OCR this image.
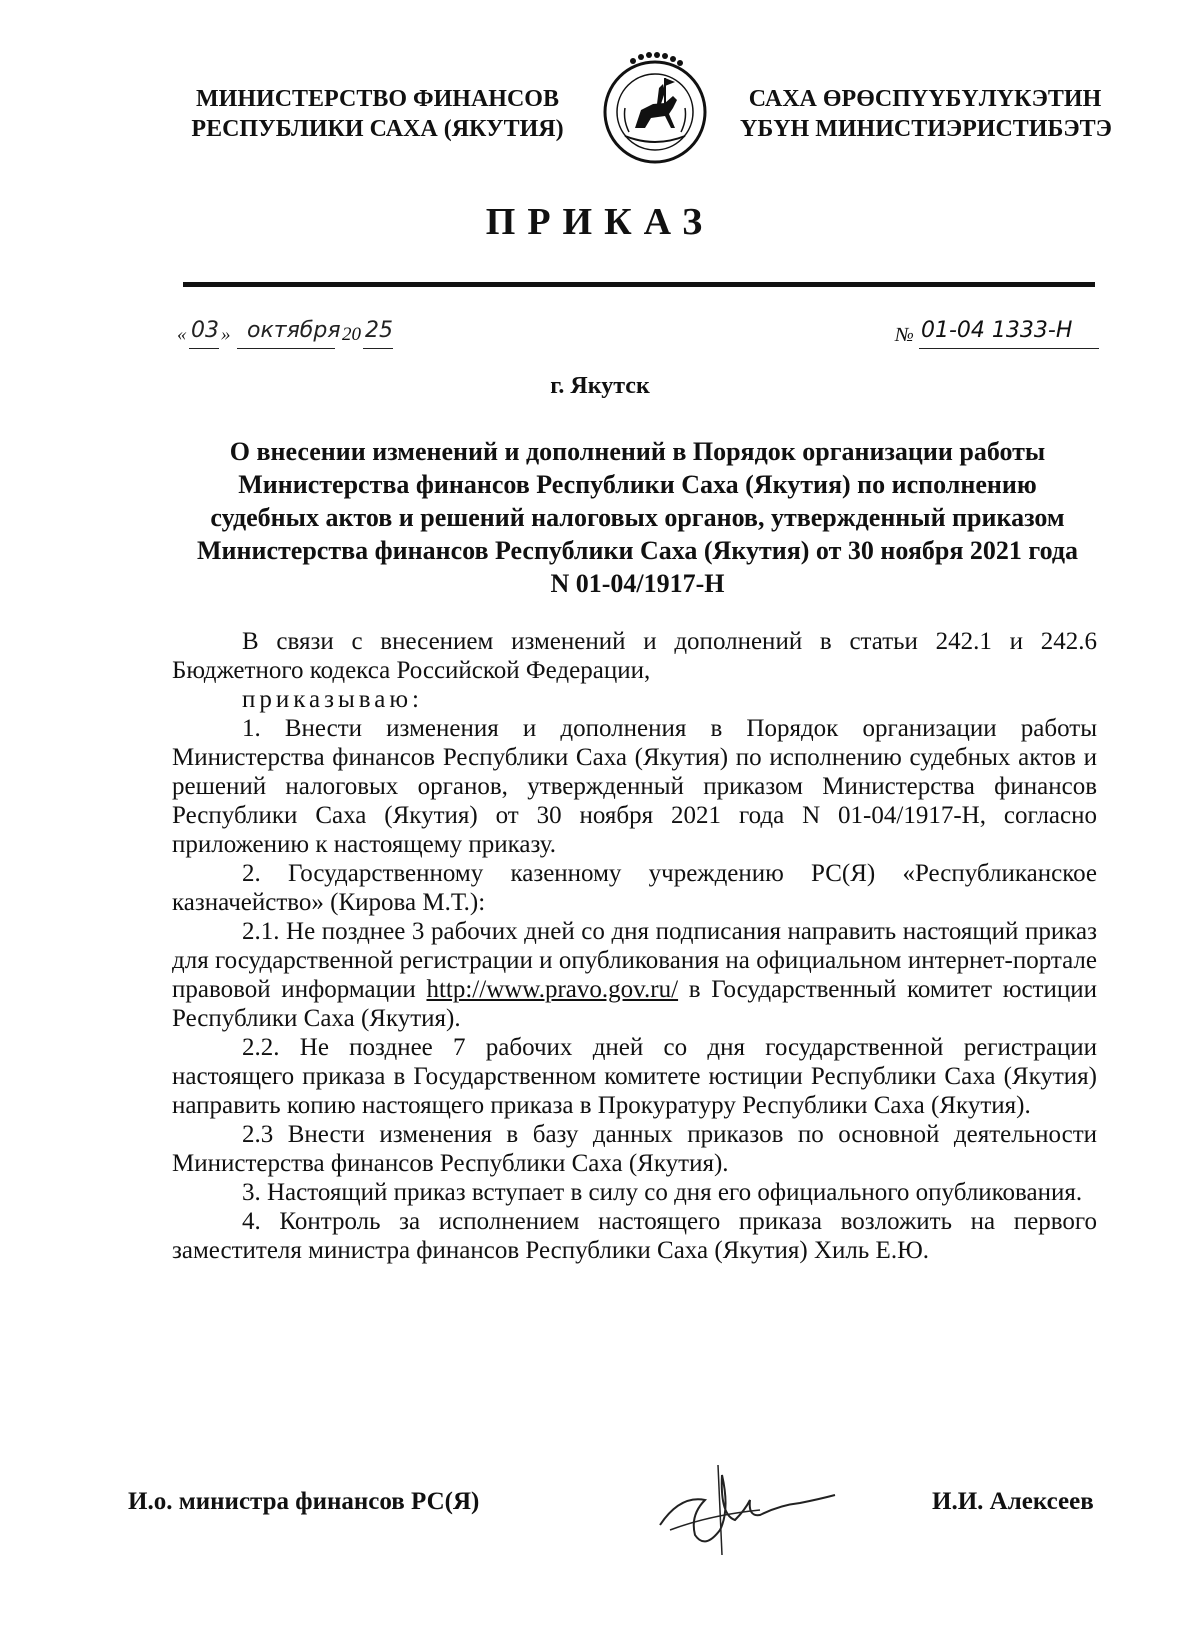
МИНИСТЕРСТВО ФИНАНСОВ
РЕСПУБЛИКИ САХА (ЯКУТИЯ)
САХА ӨРӨСПҮҮБҮЛҮКЭТИН
ҮБҮН МИНИСТИЭРИСТИБЭТЭ
ПРИКАЗ
« 03 » октября 20 25	№ 01-04 1333-Н
г. Якутск
О внесении изменений и дополнений в Порядок организации работы
Министерства финансов Республики Саха (Якутия) по исполнению
судебных актов и решений налоговых органов, утвержденный приказом
Министерства финансов Республики Саха (Якутия) от 30 ноября 2021 года
N 01-04/1917-Н

В связи с внесением изменений и дополнений в статьи 242.1 и 242.6 Бюджетного кодекса Российской Федерации,

приказываю:

1. Внести изменения и дополнения в Порядок организации работы Министерства финансов Республики Саха (Якутия) по исполнению судебных актов и решений налоговых органов, утвержденный приказом Министерства финансов Республики Саха (Якутия) от 30 ноября 2021 года N 01-04/1917-Н, согласно приложению к настоящему приказу.

2. Государственному казенному учреждению РС(Я) «Республиканское казначейство» (Кирова М.Т.):

2.1. Не позднее 3 рабочих дней со дня подписания направить настоящий приказ для государственной регистрации и опубликования на официальном интернет-портале правовой информации http://www.pravo.gov.ru/ в Государственный комитет юстиции Республики Саха (Якутия).

2.2. Не позднее 7 рабочих дней со дня государственной регистрации настоящего приказа в Государственном комитете юстиции Республики Саха (Якутия) направить копию настоящего приказа в Прокуратуру Республики Саха (Якутия).

2.3 Внести изменения в базу данных приказов по основной деятельности Министерства финансов Республики Саха (Якутия).

3. Настоящий приказ вступает в силу со дня его официального опубликования.

4. Контроль за исполнением настоящего приказа возложить на первого заместителя министра финансов Республики Саха (Якутия) Хиль Е.Ю.

И.о. министра финансов РС(Я)	И.И. Алексеев
